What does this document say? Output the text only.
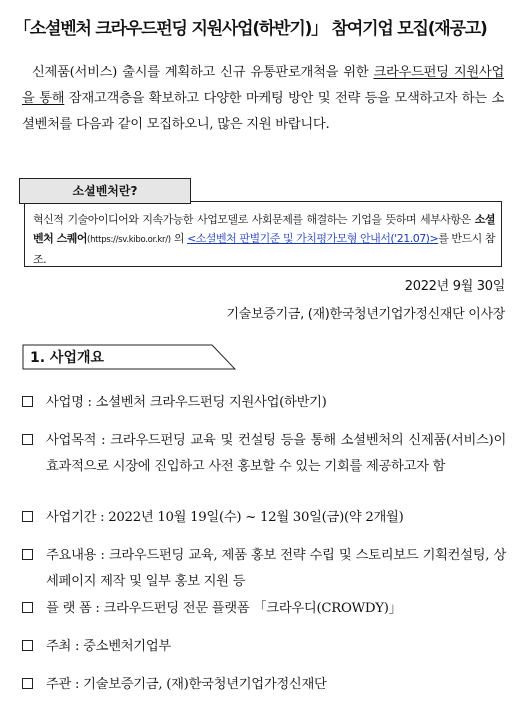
「소셜벤처 크라우드펀딩 지원사업(하반기)」 참여기업 모집(재공고)

신제품(서비스) 출시를 계획하고 신규 유통판로개척을 위한 크라우드펀딩 지원사업을 통해 잠재고객층을 확보하고 다양한 마케팅 방안 및 전략 등을 모색하고자 하는 소셜벤처를 다음과 같이 모집하오니, 많은 지원 바랍니다.

소셜벤처란?
혁신적 기술아이디어와 지속가능한 사업모델로 사회문제를 해결하는 기업을 뜻하며 세부사항은 소셜벤처 스퀘어(https://sv.kibo.or.kr/) 의 <소셜벤처 판별기준 및 가치평가모형 안내서('21.07)>를 반드시 참조.
2022년 9월 30일
기술보증기금, (재)한국청년기업가정신재단 이사장
1. 사업개요
사업명 : 소셜벤처 크라우드펀딩 지원사업(하반기)
사업목적 : 크라우드펀딩 교육 및 컨설팅 등을 통해 소셜벤처의 신제품(서비스)이 효과적으로 시장에 진입하고 사전 홍보할 수 있는 기회를 제공하고자 함
사업기간 : 2022년 10월 19일(수) ~ 12월 30일(금)(약 2개월)
주요내용 : 크라우드펀딩 교육, 제품 홍보 전략 수립 및 스토리보드 기획컨설팅, 상세페이지 제작 및 일부 홍보 지원 등
플 랫 폼 : 크라우드펀딩 전문 플랫폼 「크라우디(CROWDY)」
주최 : 중소벤처기업부
주관 : 기술보증기금, (재)한국청년기업가정신재단
